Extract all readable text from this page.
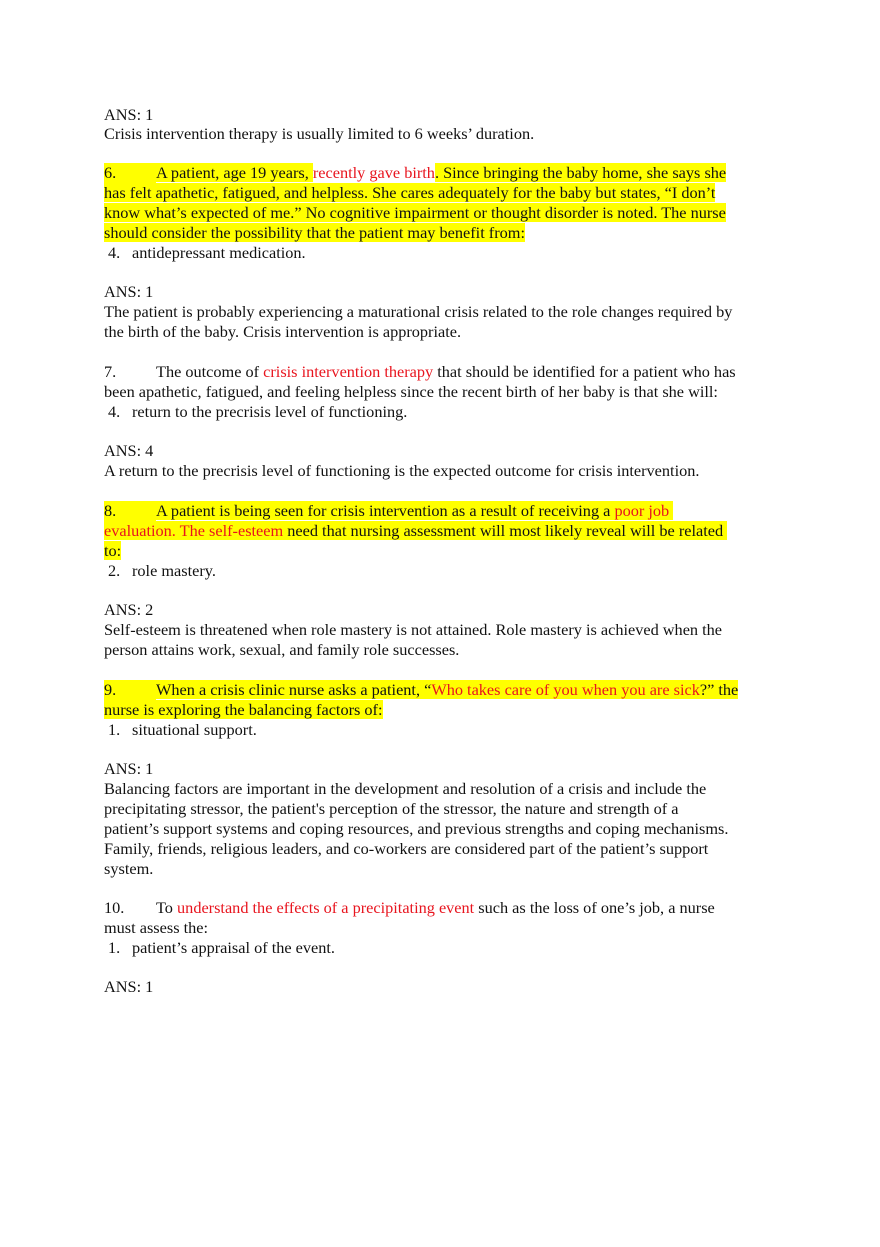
ANS: 1
Crisis intervention therapy is usually limited to 6 weeks’ duration.
6. A patient, age 19 years, recently gave birth. Since bringing the baby home, she says she
has felt apathetic, fatigued, and helpless. She cares adequately for the baby but states, “I don’t
know what’s expected of me.” No cognitive impairment or thought disorder is noted. The nurse
should consider the possibility that the patient may benefit from:
4. antidepressant medication.
ANS: 1
The patient is probably experiencing a maturational crisis related to the role changes required by
the birth of the baby. Crisis intervention is appropriate.
7. The outcome of crisis intervention therapy that should be identified for a patient who has
been apathetic, fatigued, and feeling helpless since the recent birth of her baby is that she will:
4. return to the precrisis level of functioning.
ANS: 4
A return to the precrisis level of functioning is the expected outcome for crisis intervention.
8. A patient is being seen for crisis intervention as a result of receiving a poor job
evaluation. The self-esteem need that nursing assessment will most likely reveal will be related
to:
2. role mastery.
ANS: 2
Self-esteem is threatened when role mastery is not attained. Role mastery is achieved when the
person attains work, sexual, and family role successes.
9. When a crisis clinic nurse asks a patient, “Who takes care of you when you are sick?” the
nurse is exploring the balancing factors of:
1. situational support.
ANS: 1
Balancing factors are important in the development and resolution of a crisis and include the
precipitating stressor, the patient's perception of the stressor, the nature and strength of a
patient’s support systems and coping resources, and previous strengths and coping mechanisms.
Family, friends, religious leaders, and co-workers are considered part of the patient’s support
system.
10. To understand the effects of a precipitating event such as the loss of one’s job, a nurse
must assess the:
1. patient’s appraisal of the event.
ANS: 1
